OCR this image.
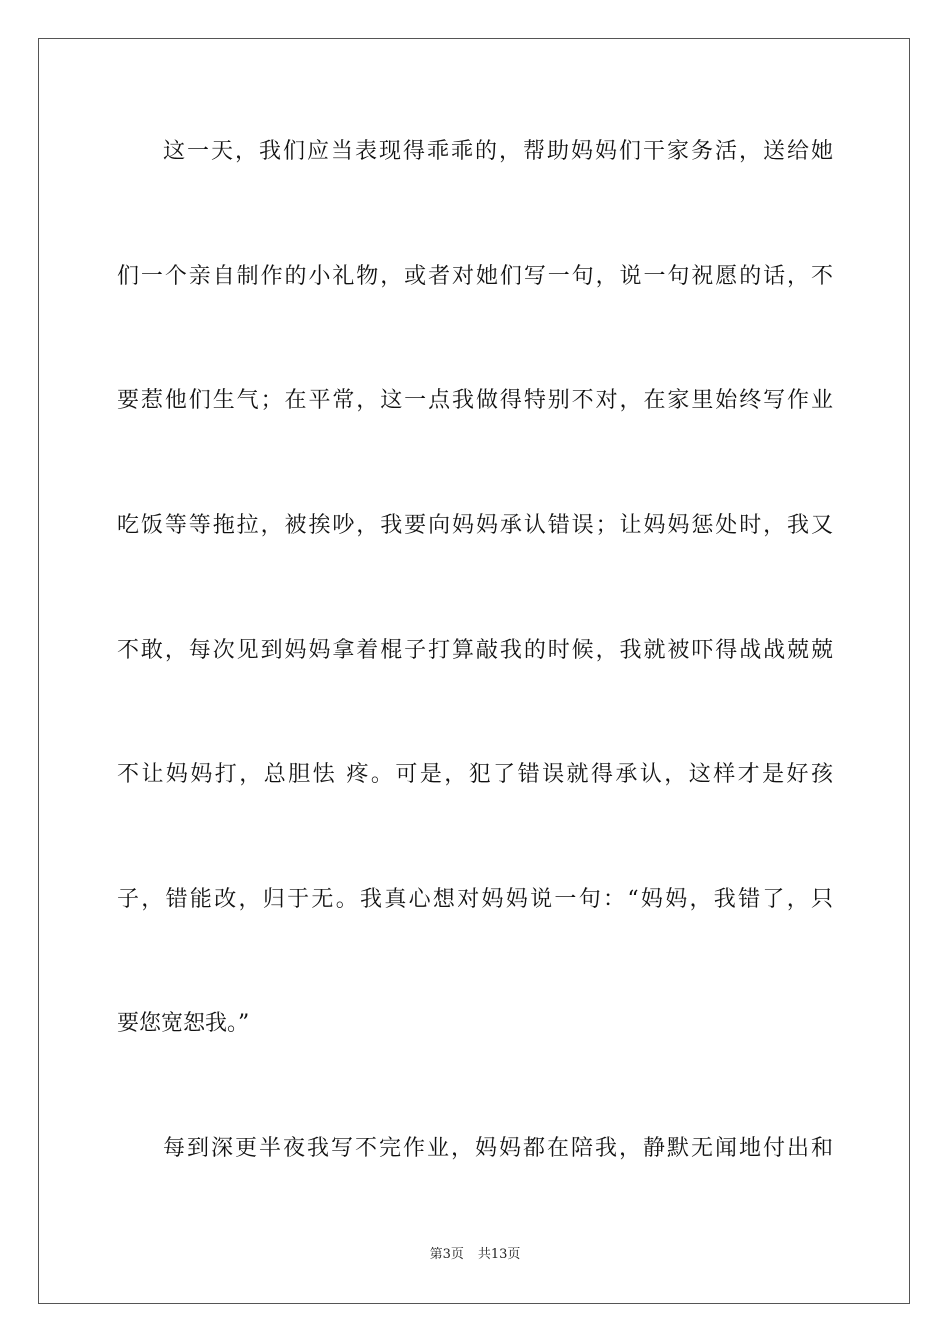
这一天，我们应当表现得乖乖的，帮助妈妈们干家务活，送给她
们一个亲自制作的小礼物，或者对她们写一句，说一句祝愿的话，不
要惹他们生气；在平常，这一点我做得特别不对，在家里始终写作业
吃饭等等拖拉，被挨吵，我要向妈妈承认错误；让妈妈惩处时，我又
不敢，每次见到妈妈拿着棍子打算敲我的时候，我就被吓得战战兢兢
不让妈妈打，总胆怯 疼。可是，犯了错误就得承认，这样才是好孩
子，错能改，归于无。我真心想对妈妈说一句：“妈妈，我错了，只
要您宽恕我。”
每到深更半夜我写不完作业，妈妈都在陪我，静默无闻地付出和
第3页 共13页
